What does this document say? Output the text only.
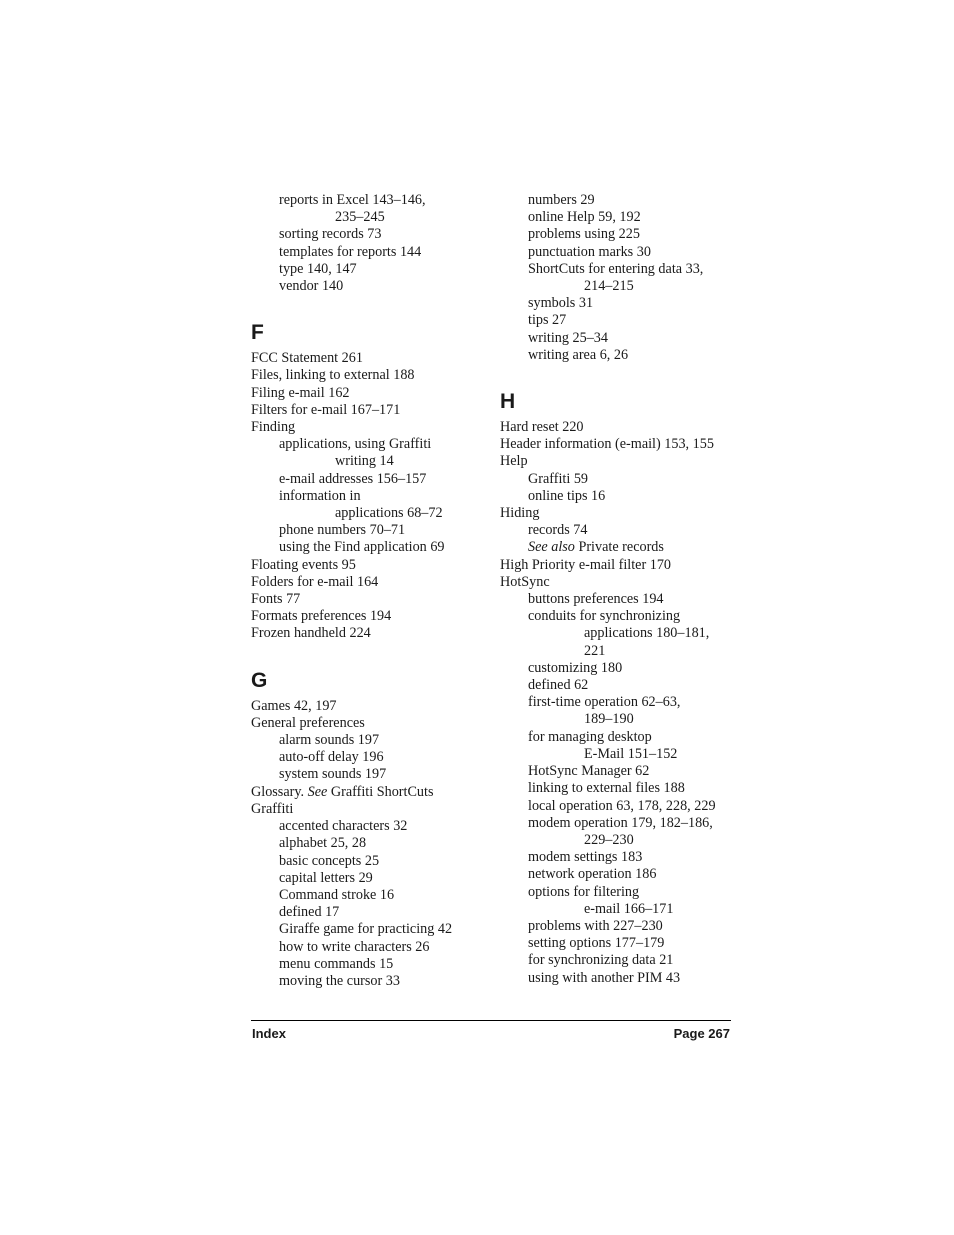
reports in Excel 143–146,
235–245
sorting records 73
templates for reports 144
type 140, 147
vendor 140
F
FCC Statement 261
Files, linking to external 188
Filing e-mail 162
Filters for e-mail 167–171
Finding
applications, using Graffiti
writing 14
e-mail addresses 156–157
information in
applications 68–72
phone numbers 70–71
using the Find application 69
Floating events 95
Folders for e-mail 164
Fonts 77
Formats preferences 194
Frozen handheld 224
G
Games 42, 197
General preferences
alarm sounds 197
auto-off delay 196
system sounds 197
Glossary. See Graffiti ShortCuts
Graffiti
accented characters 32
alphabet 25, 28
basic concepts 25
capital letters 29
Command stroke 16
defined 17
Giraffe game for practicing 42
how to write characters 26
menu commands 15
moving the cursor 33
numbers 29
online Help 59, 192
problems using 225
punctuation marks 30
ShortCuts for entering data 33,
214–215
symbols 31
tips 27
writing 25–34
writing area 6, 26
H
Hard reset 220
Header information (e-mail) 153, 155
Help
Graffiti 59
online tips 16
Hiding
records 74
See also Private records
High Priority e-mail filter 170
HotSync
buttons preferences 194
conduits for synchronizing
applications 180–181,
221
customizing 180
defined 62
first-time operation 62–63,
189–190
for managing desktop
E-Mail 151–152
HotSync Manager 62
linking to external files 188
local operation 63, 178, 228, 229
modem operation 179, 182–186,
229–230
modem settings 183
network operation 186
options for filtering
e-mail 166–171
problems with 227–230
setting options 177–179
for synchronizing data 21
using with another PIM 43
Index	Page 267
